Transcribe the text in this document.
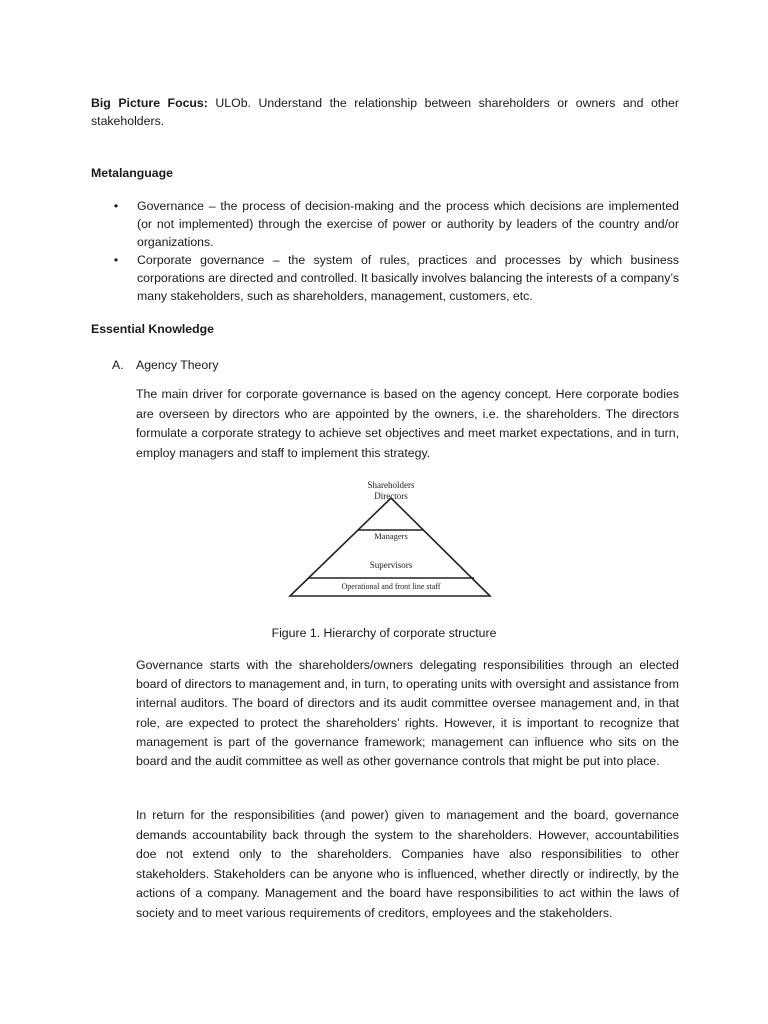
Big Picture Focus: ULOb. Understand the relationship between shareholders or owners and other stakeholders.

Metalanguage
•	Governance – the process of decision-making and the process which decisions are implemented (or not implemented) through the exercise of power or authority by leaders of the country and/or organizations.
•	Corporate governance – the system of rules, practices and processes by which business corporations are directed and controlled. It basically involves balancing the interests of a company’s many stakeholders, such as shareholders, management, customers, etc.
Essential Knowledge
A. Agency Theory

The main driver for corporate governance is based on the agency concept. Here corporate bodies are overseen by directors who are appointed by the owners, i.e. the shareholders. The directors formulate a corporate strategy to achieve set objectives and meet market expectations, and in turn, employ managers and staff to implement this strategy.

Shareholders
Directors
Managers
Supervisors
Operational and front line staff
Figure 1. Hierarchy of corporate structure

Governance starts with the shareholders/owners delegating responsibilities through an elected board of directors to management and, in turn, to operating units with oversight and assistance from internal auditors. The board of directors and its audit committee oversee management and, in that role, are expected to protect the shareholders’ rights. However, it is important to recognize that management is part of the governance framework; management can influence who sits on the board and the audit committee as well as other governance controls that might be put into place.

In return for the responsibilities (and power) given to management and the board, governance demands accountability back through the system to the shareholders. However, accountabilities doe not extend only to the shareholders. Companies have also responsibilities to other stakeholders. Stakeholders can be anyone who is influenced, whether directly or indirectly, by the actions of a company. Management and the board have responsibilities to act within the laws of society and to meet various requirements of creditors, employees and the stakeholders.
